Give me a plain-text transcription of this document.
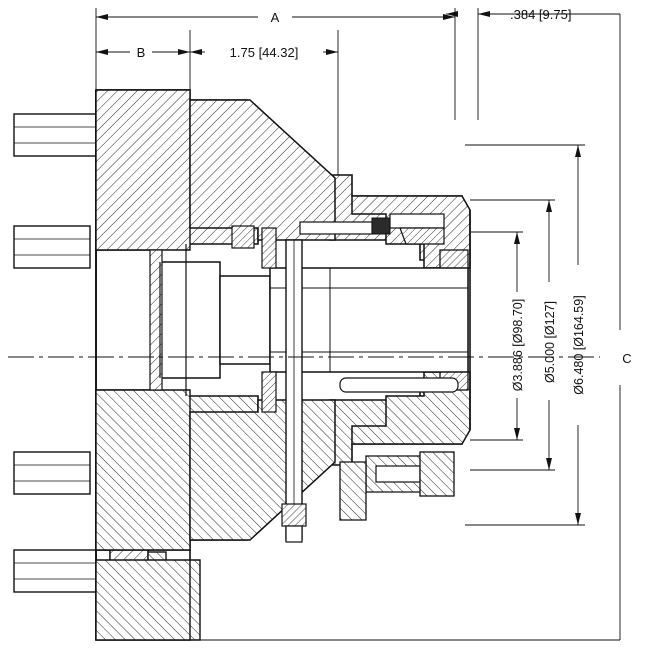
A
B	1.75 [44.32]
.384 [9.75]
C
Ø6.480 [Ø164.59]
Ø5.000 [Ø127]
Ø3.886 [Ø98.70]
